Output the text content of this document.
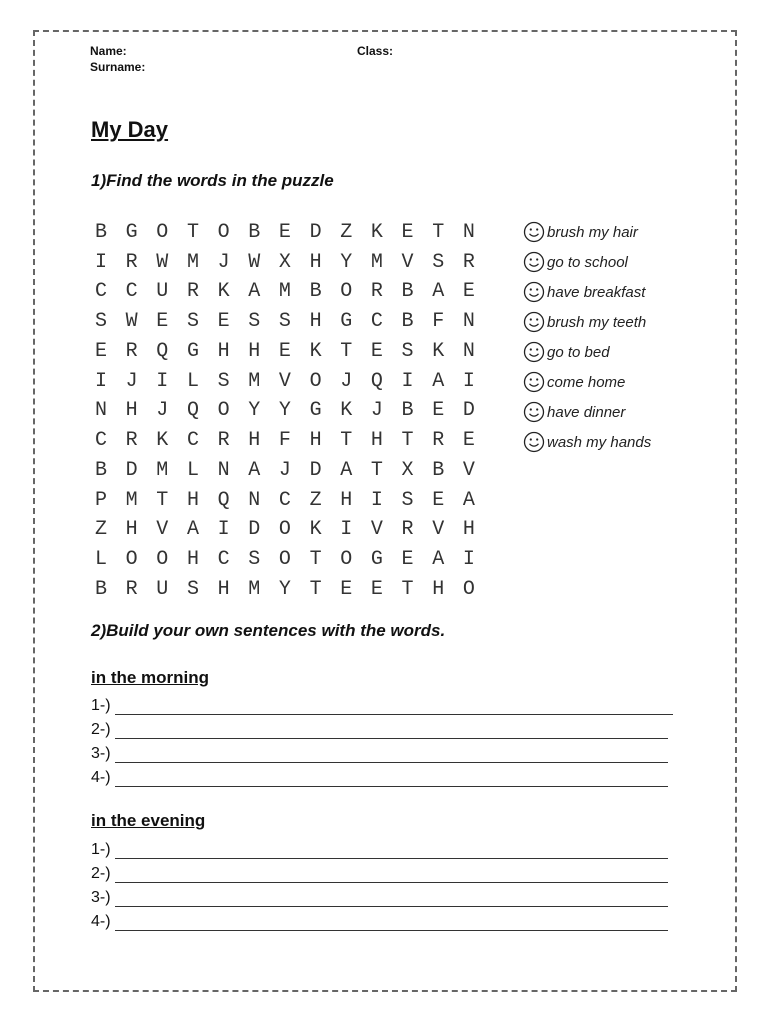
Name:
Surname:
Class:
My Day
1)Find the words in the puzzle
B G O T O B E D Z K E T N
I R W M J W X H Y M V S R
C C U R K A M B O R B A E
S W E S E S S H G C B F N
E R Q G H H E K T E S K N
I J I L S M V O J Q I A I
N H J Q O Y Y G K J B E D
C R K C R H F H T H T R E
B D M L N A J D A T X B V
P M T H Q N C Z H I S E A
Z H V A I D O K I V R V H
L O O H C S O T O G E A I
B R U S H M Y T E E T H O
brush my hair
go to school
have breakfast
brush my teeth
go to bed
come home
have dinner
wash my hands
2)Build your own sentences with the words.
in the morning
1-)
2-)
3-)
4-)
in the evening
1-)
2-)
3-)
4-)
